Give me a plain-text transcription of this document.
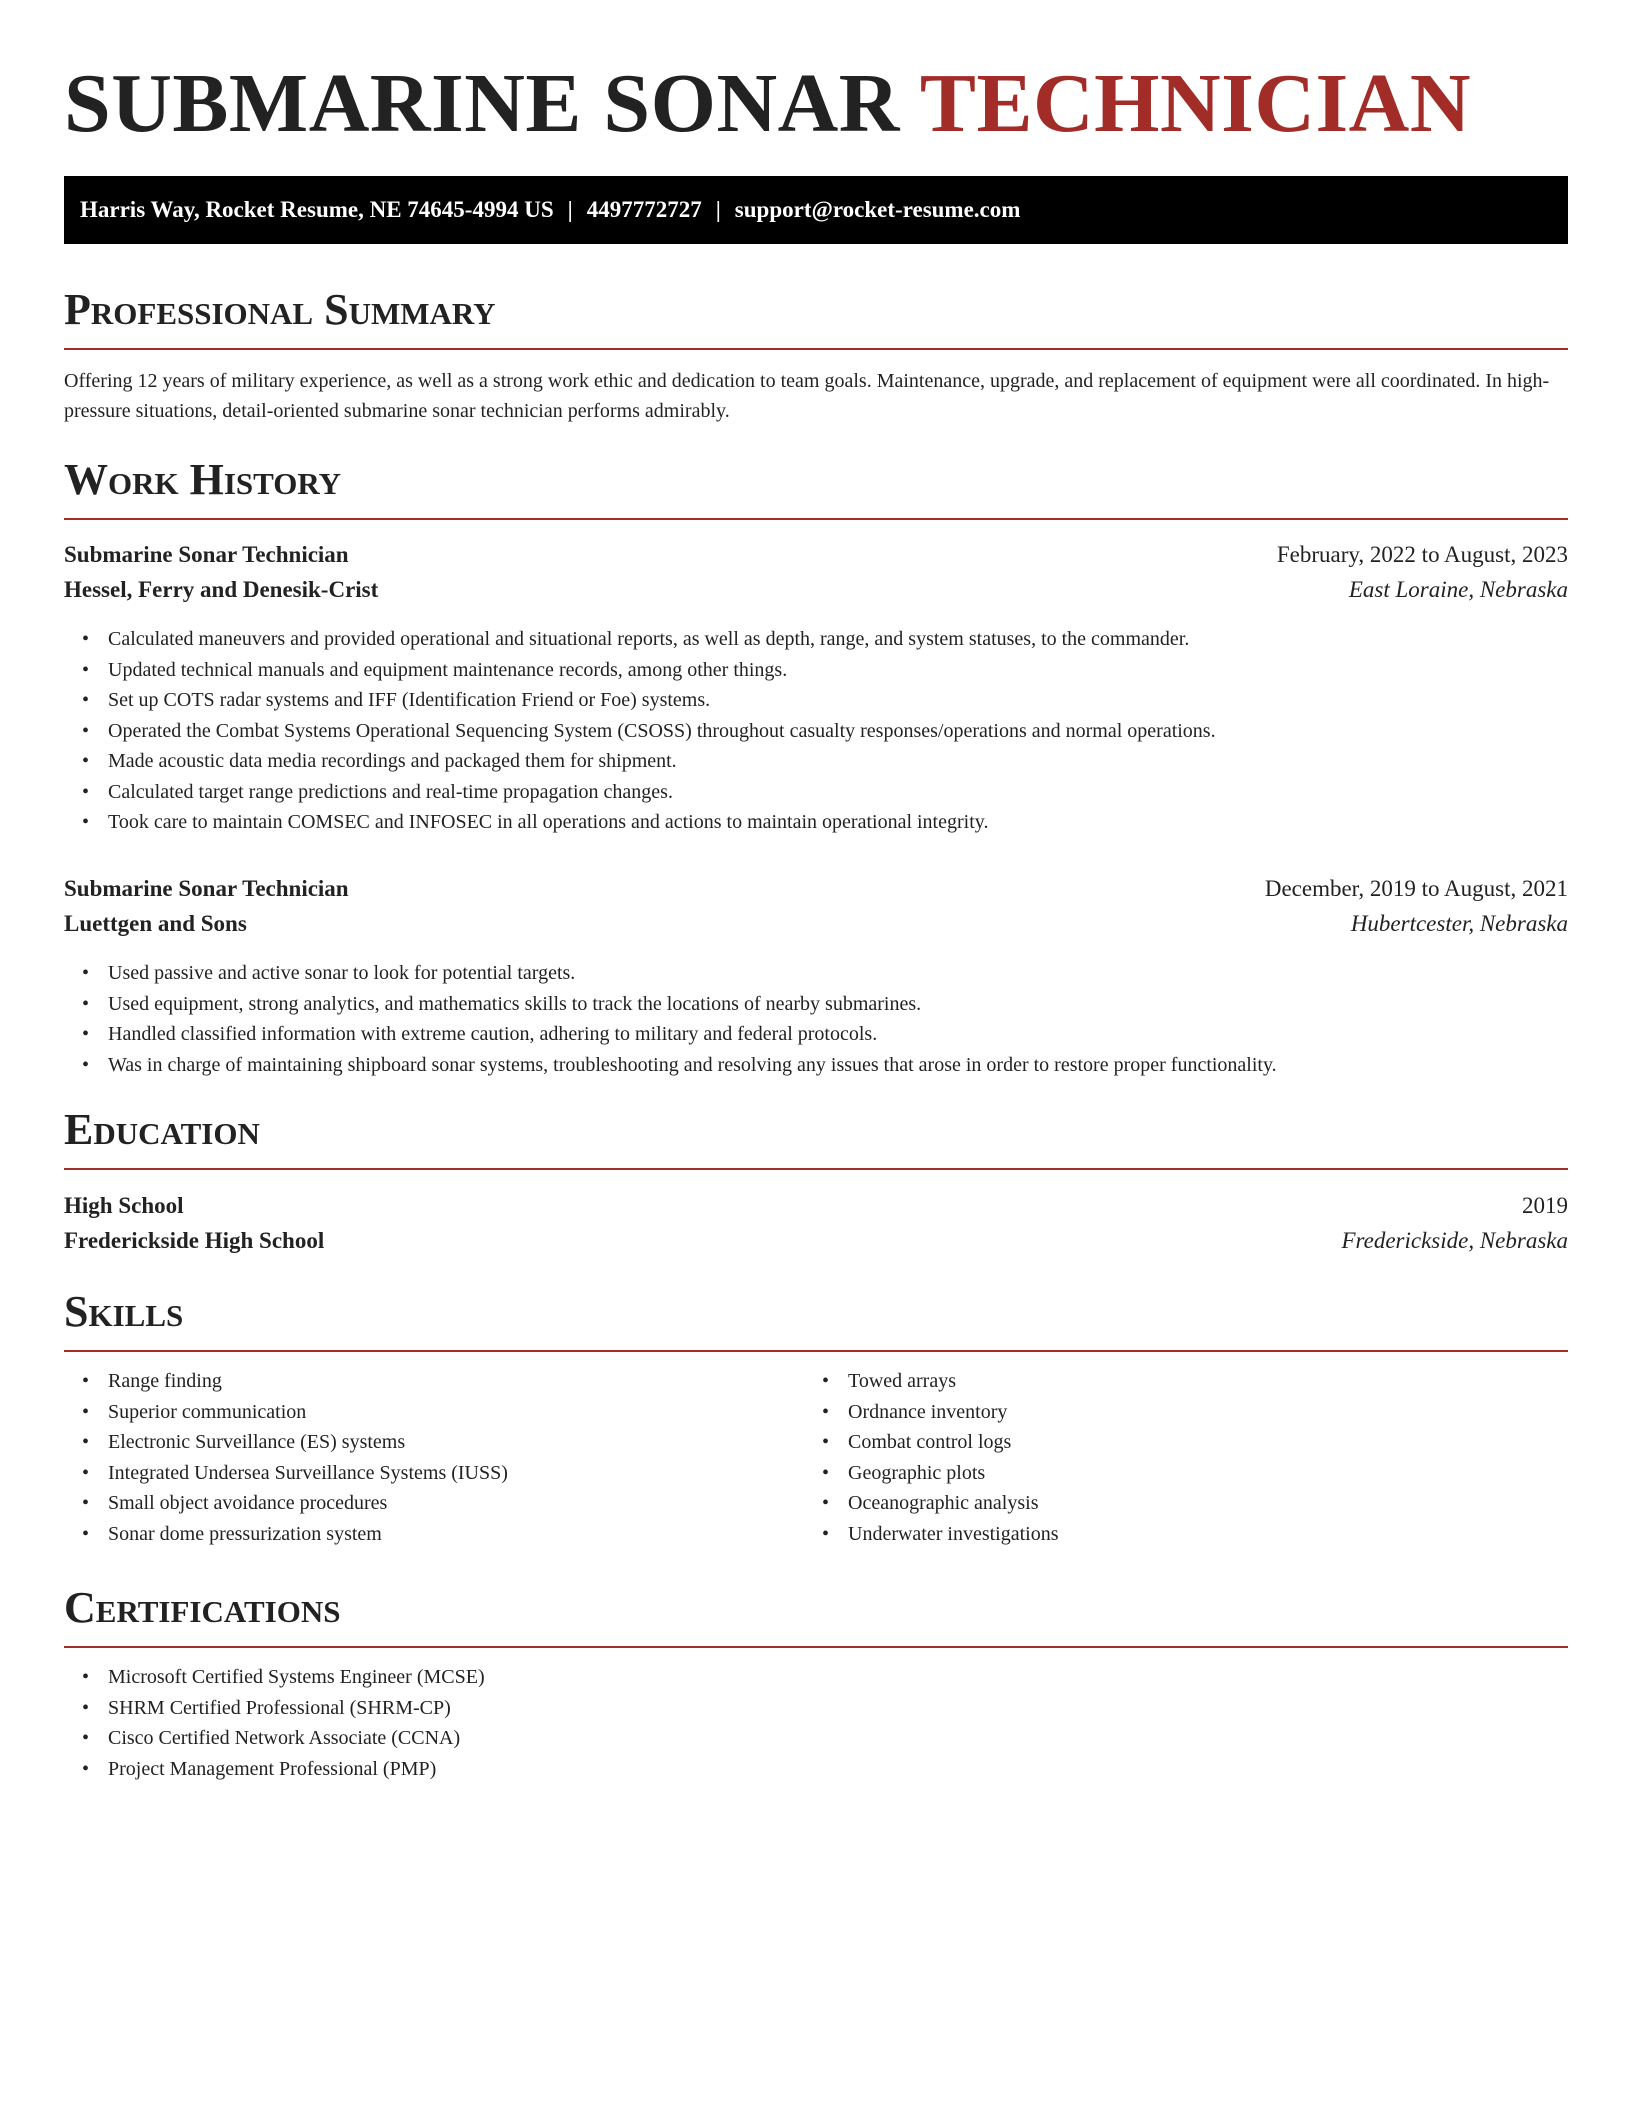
SUBMARINE SONAR TECHNICIAN
Harris Way, Rocket Resume, NE 74645-4994 US | 4497772727 | support@rocket-resume.com
Professional Summary

Offering 12 years of military experience, as well as a strong work ethic and dedication to team goals. Maintenance, upgrade, and replacement of equipment were all coordinated. In high-pressure situations, detail-oriented submarine sonar technician performs admirably.

Work History
Submarine Sonar Technician	February, 2022 to August, 2023
Hessel, Ferry and Denesik-Crist	East Loraine, Nebraska
• Calculated maneuvers and provided operational and situational reports, as well as depth, range, and system statuses, to the commander.
• Updated technical manuals and equipment maintenance records, among other things.
• Set up COTS radar systems and IFF (Identification Friend or Foe) systems.
• Operated the Combat Systems Operational Sequencing System (CSOSS) throughout casualty responses/operations and normal operations.
• Made acoustic data media recordings and packaged them for shipment.
• Calculated target range predictions and real-time propagation changes.
• Took care to maintain COMSEC and INFOSEC in all operations and actions to maintain operational integrity.
Submarine Sonar Technician	December, 2019 to August, 2021
Luettgen and Sons	Hubertcester, Nebraska
• Used passive and active sonar to look for potential targets.
• Used equipment, strong analytics, and mathematics skills to track the locations of nearby submarines.
• Handled classified information with extreme caution, adhering to military and federal protocols.
• Was in charge of maintaining shipboard sonar systems, troubleshooting and resolving any issues that arose in order to restore proper functionality.
Education
High School	2019
Frederickside High School	Frederickside, Nebraska
Skills
• Range finding
• Superior communication
• Electronic Surveillance (ES) systems
• Integrated Undersea Surveillance Systems (IUSS)
• Small object avoidance procedures
• Sonar dome pressurization system
• Towed arrays
• Ordnance inventory
• Combat control logs
• Geographic plots
• Oceanographic analysis
• Underwater investigations
Certifications
• Microsoft Certified Systems Engineer (MCSE)
• SHRM Certified Professional (SHRM-CP)
• Cisco Certified Network Associate (CCNA)
• Project Management Professional (PMP)
